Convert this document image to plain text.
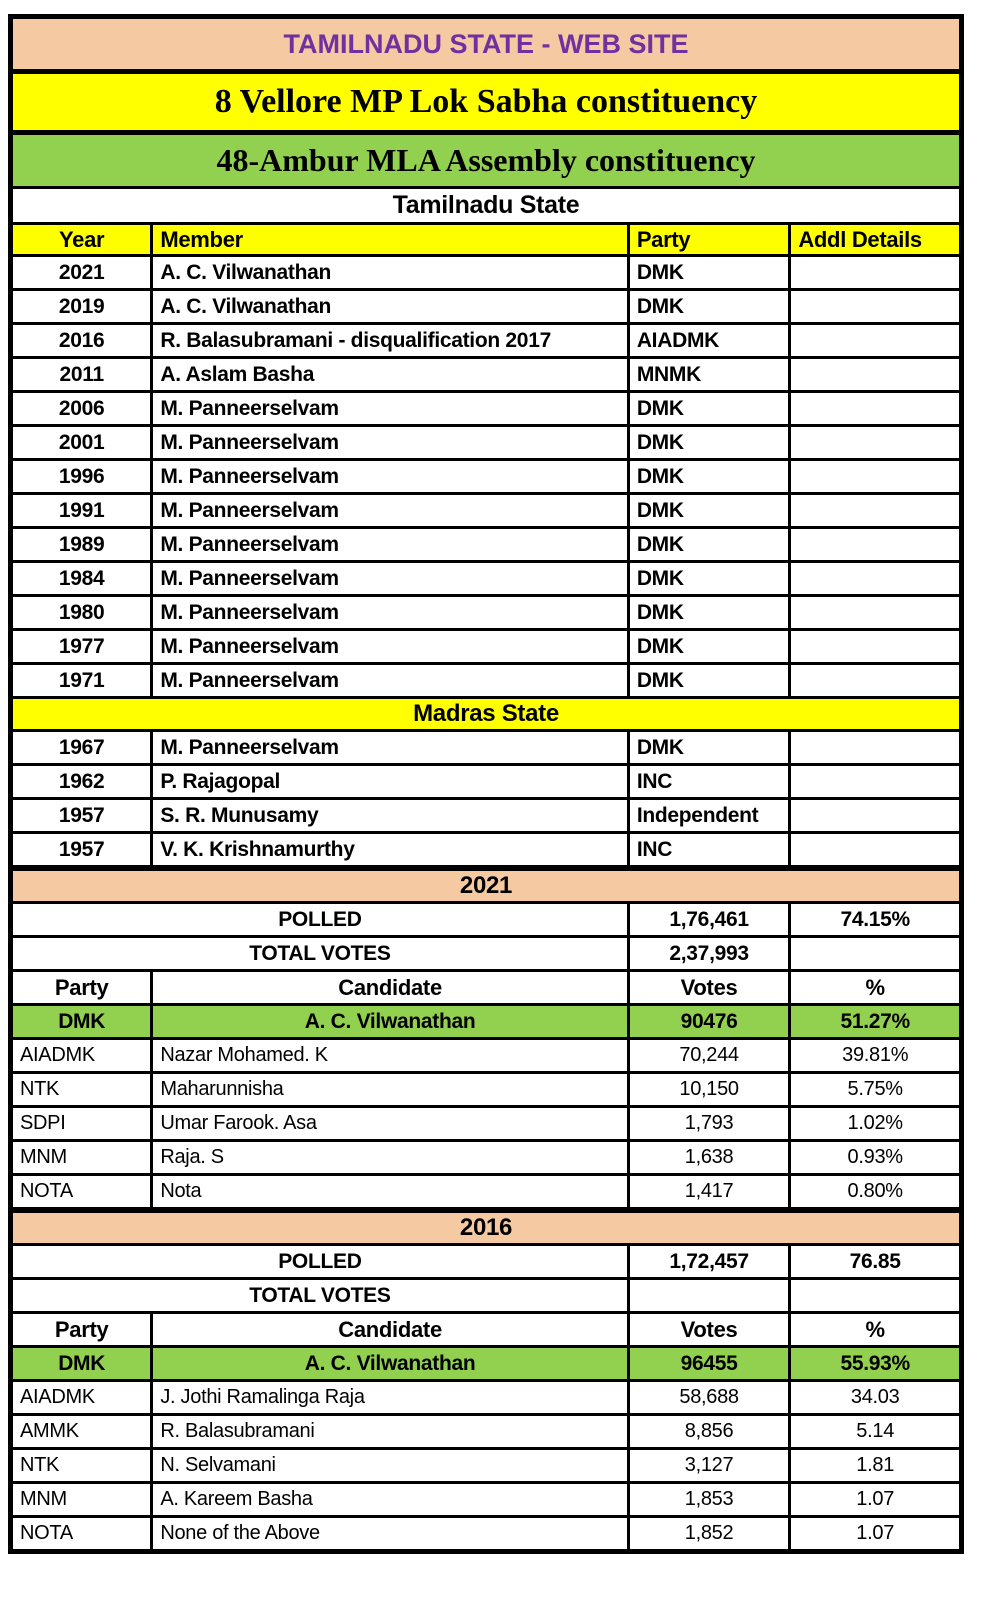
TAMILNADU STATE - WEB SITE			
8 Vellore MP Lok Sabha constituency			
48-Ambur MLA Assembly constituency			
Tamilnadu State			
Year	Member	Party	Addl Details
2021	A. C. Vilwanathan	DMK	
2019	A. C. Vilwanathan	DMK	
2016	R. Balasubramani - disqualification 2017	AIADMK	
2011	A. Aslam Basha	MNMK	
2006	M. Panneerselvam	DMK	
2001	M. Panneerselvam	DMK	
1996	M. Panneerselvam	DMK	
1991	M. Panneerselvam	DMK	
1989	M. Panneerselvam	DMK	
1984	M. Panneerselvam	DMK	
1980	M. Panneerselvam	DMK	
1977	M. Panneerselvam	DMK	
1971	M. Panneerselvam	DMK	
Madras State			
1967	M. Panneerselvam	DMK	
1962	P. Rajagopal	INC	
1957	S. R. Munusamy	Independent	
1957	V. K. Krishnamurthy	INC	
2021			
POLLED		1,76,461	74.15%
TOTAL VOTES		2,37,993	
Party	Candidate	Votes	%
DMK	A. C. Vilwanathan	90476	51.27%
AIADMK	Nazar Mohamed. K	70,244	39.81%
NTK	Maharunnisha	10,150	5.75%
SDPI	Umar Farook. Asa	1,793	1.02%
MNM	Raja. S	1,638	0.93%
NOTA	Nota	1,417	0.80%
2016			
POLLED		1,72,457	76.85
TOTAL VOTES			
Party	Candidate	Votes	%
DMK	A. C. Vilwanathan	96455	55.93%
AIADMK	J. Jothi Ramalinga Raja	58,688	34.03
AMMK	R. Balasubramani	8,856	5.14
NTK	N. Selvamani	3,127	1.81
MNM	A. Kareem Basha	1,853	1.07
NOTA	None of the Above	1,852	1.07
